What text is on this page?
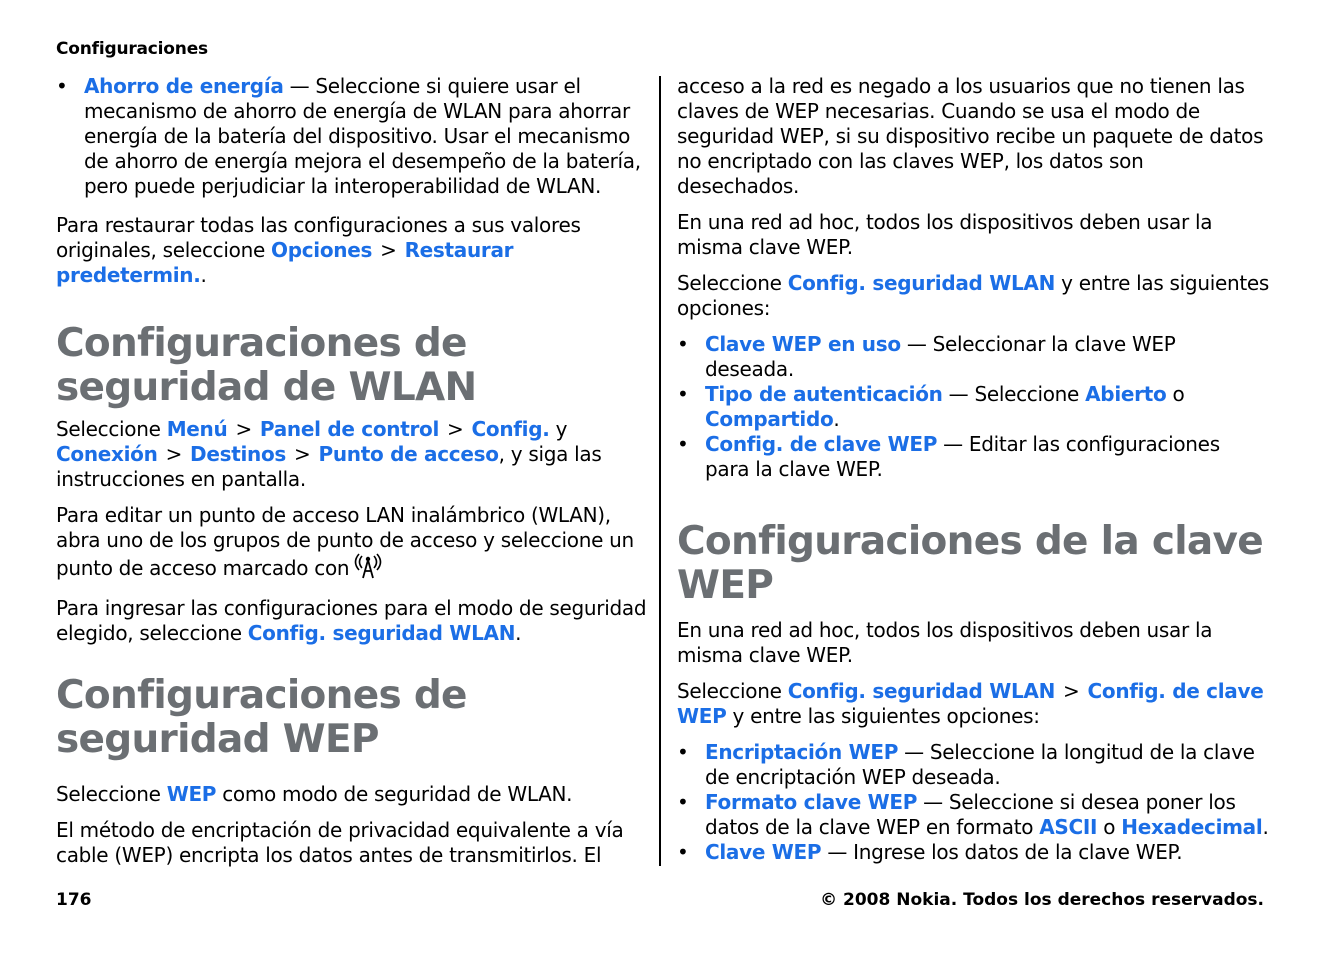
Configuraciones
• Ahorro de energía — Seleccione si quiere usar el mecanismo de ahorro de energía de WLAN para ahorrar energía de la batería del dispositivo. Usar el mecanismo de ahorro de energía mejora el desempeño de la batería, pero puede perjudiciar la interoperabilidad de WLAN.

Para restaurar todas las configuraciones a sus valores originales, seleccione Opciones > Restaurar predetermin..

Configuraciones de seguridad de WLAN

Seleccione Menú > Panel de control > Config. y Conexión > Destinos > Punto de acceso, y siga las instrucciones en pantalla.

Para editar un punto de acceso LAN inalámbrico (WLAN), abra uno de los grupos de punto de acceso y seleccione un punto de acceso marcado con

Para ingresar las configuraciones para el modo de seguridad elegido, seleccione Config. seguridad WLAN.

Configuraciones de seguridad WEP

Seleccione WEP como modo de seguridad de WLAN.

El método de encriptación de privacidad equivalente a vía cable (WEP) encripta los datos antes de transmitirlos. El

acceso a la red es negado a los usuarios que no tienen las claves de WEP necesarias. Cuando se usa el modo de seguridad WEP, si su dispositivo recibe un paquete de datos no encriptado con las claves WEP, los datos son desechados.

En una red ad hoc, todos los dispositivos deben usar la misma clave WEP.

Seleccione Config. seguridad WLAN y entre las siguientes opciones:

• Clave WEP en uso — Seleccionar la clave WEP deseada.
• Tipo de autenticación — Seleccione Abierto o Compartido.
• Config. de clave WEP — Editar las configuraciones para la clave WEP.
Configuraciones de la clave WEP

En una red ad hoc, todos los dispositivos deben usar la misma clave WEP.

Seleccione Config. seguridad WLAN > Config. de clave WEP y entre las siguientes opciones:

• Encriptación WEP — Seleccione la longitud de la clave de encriptación WEP deseada.
• Formato clave WEP — Seleccione si desea poner los datos de la clave WEP en formato ASCII o Hexadecimal.
• Clave WEP — Ingrese los datos de la clave WEP.
176	© 2008 Nokia. Todos los derechos reservados.
